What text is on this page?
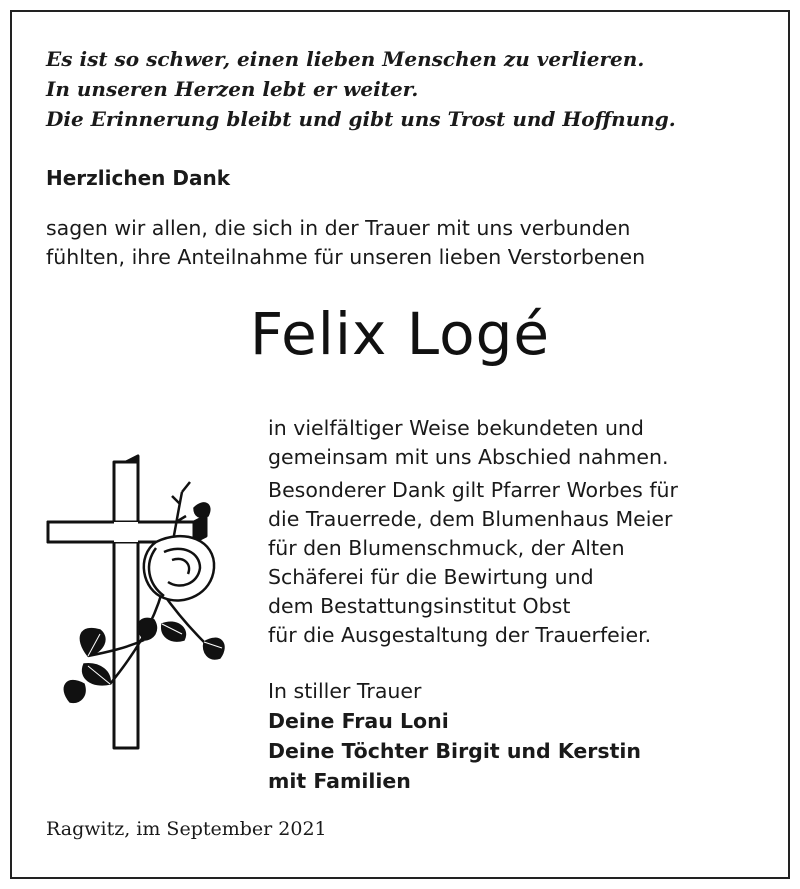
Es ist so schwer, einen lieben Menschen zu verlieren.
In unseren Herzen lebt er weiter.
Die Erinnerung bleibt und gibt uns Trost und Hoffnung.
Herzlichen Dank
sagen wir allen, die sich in der Trauer mit uns verbunden
fühlten, ihre Anteilnahme für unseren lieben Verstorbenen
Felix Logé
in vielfältiger Weise bekundeten und
gemeinsam mit uns Abschied nahmen.
Besonderer Dank gilt Pfarrer Worbes für
die Trauerrede, dem Blumenhaus Meier
für den Blumenschmuck, der Alten
Schäferei für die Bewirtung und
dem Bestattungsinstitut Obst
für die Ausgestaltung der Trauerfeier.
In stiller Trauer
Deine Frau Loni
Deine Töchter Birgit und Kerstin
mit Familien
Ragwitz, im September 2021
